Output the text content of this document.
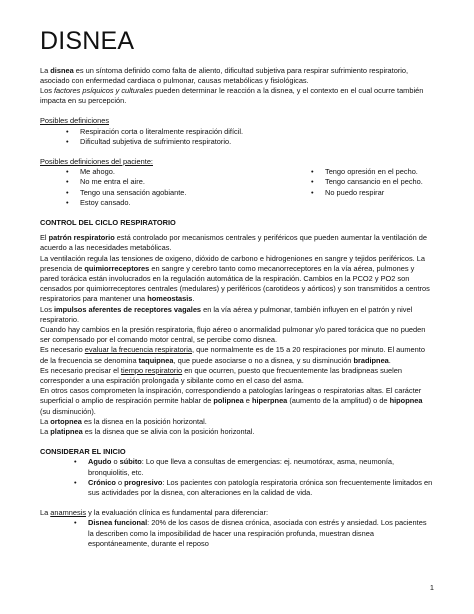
DISNEA

La disnea es un síntoma definido como falta de aliento, dificultad subjetiva para respirar sufrimiento respiratorio, asociado con enfermedad cardiaca o pulmonar, causas metabólicas y fisiológicas.

Los factores psíquicos y culturales pueden determinar le reacción a la disnea, y el contexto en el cual ocurre también impacta en su percepción.

Posibles definiciones

• Respiración corta o literalmente respiración difícil.
• Dificultad subjetiva de sufrimiento respiratorio.

Posibles definiciones del paciente:

• Me ahogo.
• No me entra el aire.
• Tengo una sensación agobiante.
• Estoy cansado.
• Tengo opresión en el pecho.
• Tengo cansancio en el pecho.
• No puedo respirar

CONTROL DEL CICLO RESPIRATORIO

El patrón respiratorio está controlado por mecanismos centrales y periféricos que pueden aumentar la ventilación de acuerdo a las necesidades metabólicas.

La ventilación regula las tensiones de oxigeno, dióxido de carbono e hidrogeniones en sangre y tejidos periféricos. La presencia de quimiorreceptores en sangre y cerebro tanto como mecanorreceptores en la vía aérea, pulmones y pared torácica están involucrados en la regulación automática de la respiración. Cambios en la PCO2 y PO2 son censados por quimiorreceptores centrales (medulares) y periféricos (carotideos y aórticos) y son transmitidos a centros respiratorios para mantener una homeostasis.

Los impulsos aferentes de receptores vagales en la vía aérea y pulmonar, también influyen en el patrón y nivel respiratorio.

Cuando hay cambios en la presión respiratoria, flujo aéreo o anormalidad pulmonar y/o pared torácica que no pueden ser compensado por el comando motor central, se percibe como disnea.

Es necesario evaluar la frecuencia respiratoria, que normalmente es de 15 a 20 respiraciones por minuto. El aumento de la frecuencia se denomina taquipnea, que puede asociarse o no a disnea, y su disminución bradipnea.

Es necesario precisar el tiempo respiratorio en que ocurren, puesto que frecuentemente las bradipneas suelen corresponder a una espiración prolongada y sibilante como en el caso del asma.

En otros casos comprometen la inspiración, correspondiendo a patologías laríngeas o respiratorias altas. El carácter superficial o amplio de respiración permite hablar de polipnea e hiperpnea (aumento de la amplitud) o de hipopnea (su disminución).

La ortopnea es la disnea en la posición horizontal.

La platipnea es la disnea que se alivia con la posición horizontal.

CONSIDERAR EL INICIO

• Agudo o súbito: Lo que lleva a consultas de emergencias: ej. neumotórax, asma, neumonía, bronquiolitis, etc.
• Crónico o progresivo: Los pacientes con patología respiratoria crónica son frecuentemente limitados en sus actividades por la disnea, con alteraciones en la calidad de vida.

La anamnesis y la evaluación clínica es fundamental para diferenciar:

• Disnea funcional: 20% de los casos de disnea crónica, asociada con estrés y ansiedad. Los pacientes la describen como la imposibilidad de hacer una respiración profunda, muestran disnea espontáneamente, durante el reposo
1
